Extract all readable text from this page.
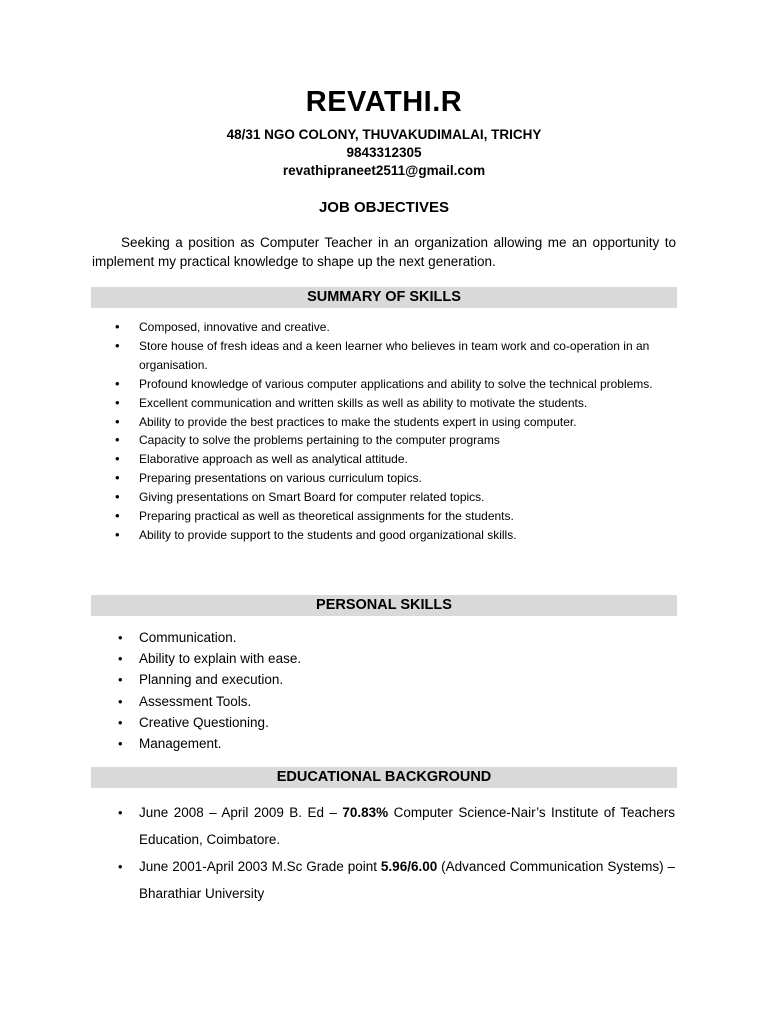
REVATHI.R
48/31 NGO COLONY, THUVAKUDIMALAI, TRICHY
9843312305
revathipraneet2511@gmail.com
JOB OBJECTIVES
Seeking a position as Computer Teacher in an organization allowing me an opportunity to implement my practical knowledge to shape up the next generation.
SUMMARY OF SKILLS
• Composed, innovative and creative.
• Store house of fresh ideas and a keen learner who believes in team work and co-operation in an organisation.
• Profound knowledge of various computer applications and ability to solve the technical problems.
• Excellent communication and written skills as well as ability to motivate the students.
• Ability to provide the best practices to make the students expert in using computer.
• Capacity to solve the problems pertaining to the computer programs
• Elaborative approach as well as analytical attitude.
• Preparing presentations on various curriculum topics.
• Giving presentations on Smart Board for computer related topics.
• Preparing practical as well as theoretical assignments for the students.
• Ability to provide support to the students and good organizational skills.
PERSONAL SKILLS
• Communication.
• Ability to explain with ease.
• Planning and execution.
• Assessment Tools.
• Creative Questioning.
• Management.
EDUCATIONAL BACKGROUND
• June 2008 – April 2009 B. Ed – 70.83% Computer Science-Nair’s Institute of Teachers Education, Coimbatore.
• June 2001-April 2003 M.Sc Grade point 5.96/6.00 (Advanced Communication Systems) – Bharathiar University
